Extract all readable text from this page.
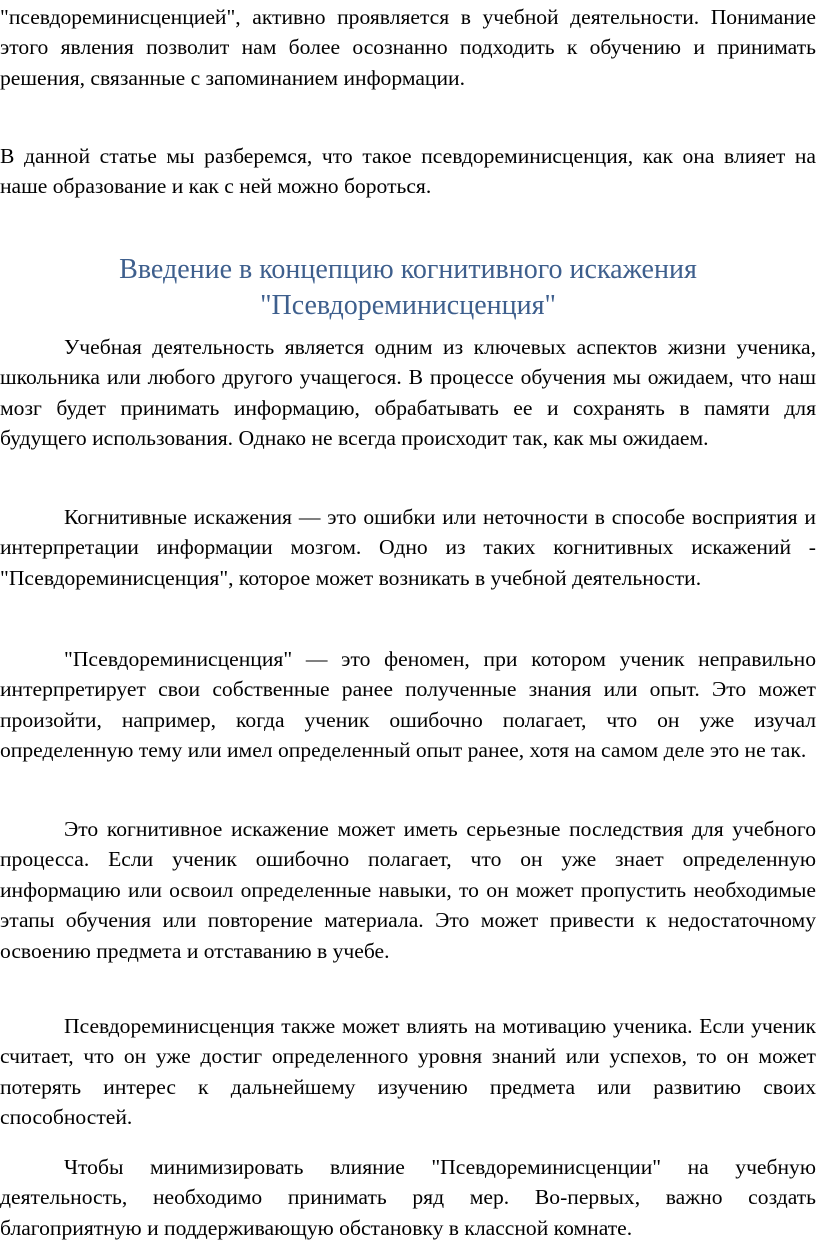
"псевдореминисценцией", активно проявляется в учебной деятельности. Понимание этого явления позволит нам более осознанно подходить к обучению и принимать решения, связанные с запоминанием информации.

В данной статье мы разберемся, что такое псевдореминисценция, как она влияет на наше образование и как с ней можно бороться.

Введение в концепцию когнитивного искажения "Псевдореминисценция"

Учебная деятельность является одним из ключевых аспектов жизни ученика, школьника или любого другого учащегося. В процессе обучения мы ожидаем, что наш мозг будет принимать информацию, обрабатывать ее и сохранять в памяти для будущего использования. Однако не всегда происходит так, как мы ожидаем.

Когнитивные искажения — это ошибки или неточности в способе восприятия и интерпретации информации мозгом. Одно из таких когнитивных искажений - "Псевдореминисценция", которое может возникать в учебной деятельности.

"Псевдореминисценция" — это феномен, при котором ученик неправильно интерпретирует свои собственные ранее полученные знания или опыт. Это может произойти, например, когда ученик ошибочно полагает, что он уже изучал определенную тему или имел определенный опыт ранее, хотя на самом деле это не так.

Это когнитивное искажение может иметь серьезные последствия для учебного процесса. Если ученик ошибочно полагает, что он уже знает определенную информацию или освоил определенные навыки, то он может пропустить необходимые этапы обучения или повторение материала. Это может привести к недостаточному освоению предмета и отставанию в учебе.

Псевдореминисценция также может влиять на мотивацию ученика. Если ученик считает, что он уже достиг определенного уровня знаний или успехов, то он может потерять интерес к дальнейшему изучению предмета или развитию своих способностей.

Чтобы минимизировать влияние "Псевдореминисценции" на учебную деятельность, необходимо принимать ряд мер. Во-первых, важно создать благоприятную и поддерживающую обстановку в классной комнате.
